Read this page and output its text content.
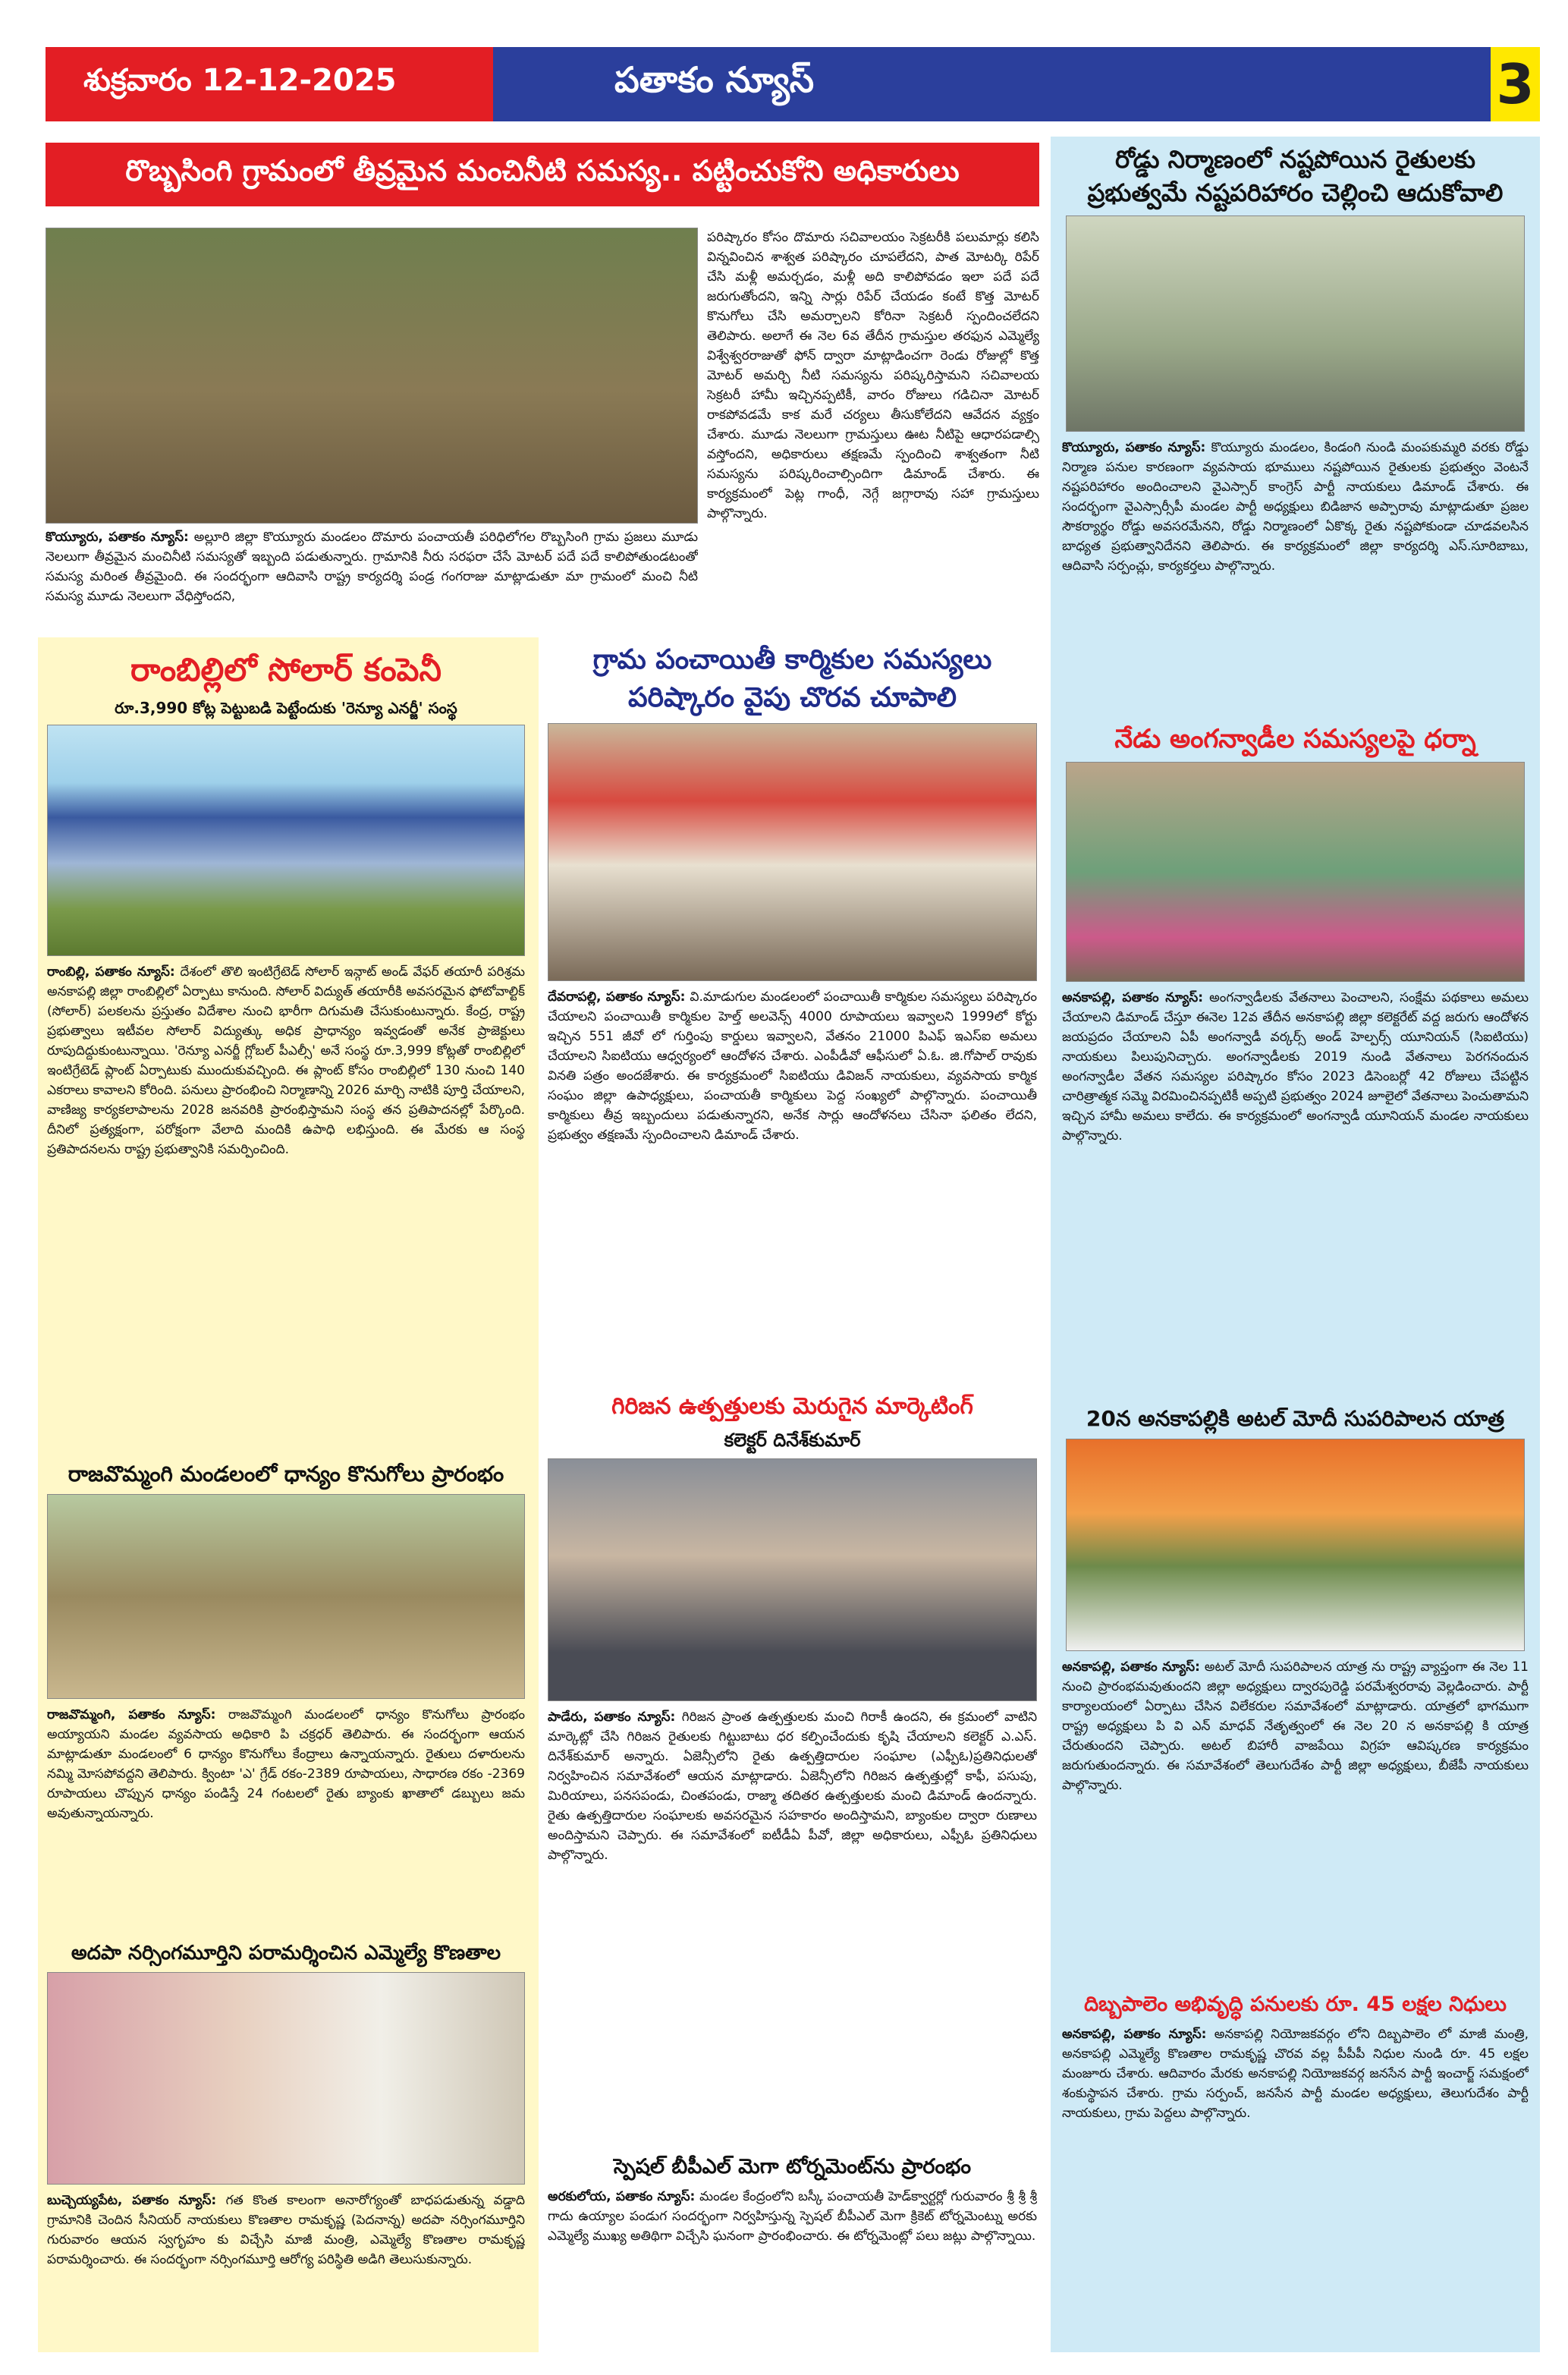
శుక్రవారం 12-12-2025	పతాకం న్యూస్	3
రొబ్బసింగి గ్రామంలో తీవ్రమైన మంచినీటి సమస్య.. పట్టించుకోని అధికారులు
కొయ్యూరు, పతాకం న్యూస్: అల్లూరి జిల్లా కొయ్యూరు మండలం దొమారు పంచాయతీ పరిధిలోగల రొబ్బసింగి గ్రామ ప్రజలు మూడు నెలలుగా తీవ్రమైన మంచినీటి సమస్యతో ఇబ్బంది పడుతున్నారు. గ్రామానికి నీరు సరఫరా చేసే మోటర్ పదే పదే కాలిపోతుండటంతో సమస్య మరింత తీవ్రమైంది. ఈ సందర్భంగా ఆదివాసి రాష్ట్ర కార్యదర్శి పండ్ర గంగరాజు మాట్లాడుతూ మా గ్రామంలో మంచి నీటి సమస్య మూడు నెలలుగా వేధిస్తోందని,
పరిష్కారం కోసం దొమారు సచివాలయం సెక్రటరీకి పలుమార్లు కలిసి విన్నవించిన శాశ్వత పరిష్కారం చూపలేదని, పాత మోటర్కి రిపేర్ చేసి మళ్లీ అమర్చడం, మళ్లీ అది కాలిపోవడం ఇలా పదే పదే జరుగుతోందని, ఇన్ని సార్లు రిపేర్ చేయడం కంటే కొత్త మోటర్ కొనుగోలు చేసి అమర్చాలని కోరినా సెక్రటరీ స్పందించలేదని తెలిపారు. అలాగే ఈ నెల 6వ తేదీన గ్రామస్తుల తరఫున ఎమ్మెల్యే విశ్వేశ్వరరాజుతో ఫోన్ ద్వారా మాట్లాడించగా రెండు రోజుల్లో కొత్త మోటర్ అమర్చి నీటి సమస్యను పరిష్కరిస్తామని సచివాలయ సెక్రటరీ హామీ ఇచ్చినప్పటికీ, వారం రోజులు గడిచినా మోటర్ రాకపోవడమే కాక మరే చర్యలు తీసుకోలేదని ఆవేదన వ్యక్తం చేశారు. మూడు నెలలుగా గ్రామస్తులు ఊట నీటిపై ఆధారపడాల్సి వస్తోందని, అధికారులు తక్షణమే స్పందించి శాశ్వతంగా నీటి సమస్యను పరిష్కరించాల్సిందిగా డిమాండ్ చేశారు. ఈ కార్యక్రమంలో పెట్ల గాంధీ, నెగ్గే జగ్గారావు సహా గ్రామస్తులు పాల్గొన్నారు.
రోడ్డు నిర్మాణంలో నష్టపోయిన రైతులకు ప్రభుత్వమే నష్టపరిహారం చెల్లించి ఆదుకోవాలి
కొయ్యూరు, పతాకం న్యూస్: కొయ్యూరు మండలం, కిండంగి నుండి మంపకుమ్మరి వరకు రోడ్డు నిర్మాణ పనుల కారణంగా వ్యవసాయ భూములు నష్టపోయిన రైతులకు ప్రభుత్వం వెంటనే నష్టపరిహారం అందించాలని వైఎస్సార్ కాంగ్రెస్ పార్టీ నాయకులు డిమాండ్ చేశారు. ఈ సందర్భంగా వైఎస్సార్సీపీ మండల పార్టీ అధ్యక్షులు బిడిజాన అప్పారావు మాట్లాడుతూ ప్రజల సౌకర్యార్థం రోడ్డు అవసరమేనని, రోడ్డు నిర్మాణంలో ఏకొక్క రైతు నష్టపోకుండా చూడవలసిన బాధ్యత ప్రభుత్వానిదేనని తెలిపారు. ఈ కార్యక్రమంలో జిల్లా కార్యదర్శి ఎస్.సూరిబాబు, ఆదివాసి సర్పంచ్లు, కార్యకర్తలు పాల్గొన్నారు.
నేడు అంగన్వాడీల సమస్యలపై ధర్నా
అనకాపల్లి, పతాకం న్యూస్: అంగన్వాడీలకు వేతనాలు పెంచాలని, సంక్షేమ పథకాలు అమలు చేయాలని డిమాండ్ చేస్తూ ఈనెల 12వ తేదీన అనకాపల్లి జిల్లా కలెక్టరేట్ వద్ద జరుగు ఆందోళన జయప్రదం చేయాలని ఏపీ అంగన్వాడీ వర్కర్స్ అండ్ హెల్పర్స్ యూనియన్ (సిఐటియు) నాయకులు పిలుపునిచ్చారు. అంగన్వాడీలకు 2019 నుండి వేతనాలు పెరగనందున అంగన్వాడీల వేతన సమస్యల పరిష్కారం కోసం 2023 డిసెంబర్లో 42 రోజులు చేపట్టిన చారిత్రాత్మక సమ్మె విరమించినప్పటికీ అప్పటి ప్రభుత్వం 2024 జూలైలో వేతనాలు పెంచుతామని ఇచ్చిన హామీ అమలు కాలేదు. ఈ కార్యక్రమంలో అంగన్వాడీ యూనియన్ మండల నాయకులు పాల్గొన్నారు.
20న అనకాపల్లికి అటల్ మోదీ సుపరిపాలన యాత్ర
అనకాపల్లి, పతాకం న్యూస్: అటల్ మోదీ సుపరిపాలన యాత్ర ను రాష్ట్ర వ్యాప్తంగా ఈ నెల 11 నుంచి ప్రారంభమవుతుందని జిల్లా అధ్యక్షులు ద్వారపురెడ్డి పరమేశ్వరరావు వెల్లడించారు. పార్టీ కార్యాలయంలో ఏర్పాటు చేసిన విలేకరుల సమావేశంలో మాట్లాడారు. యాత్రలో భాగముగా రాష్ట్ర అధ్యక్షులు పి వి ఎన్ మాధవ్ నేతృత్వంలో ఈ నెల 20 న అనకాపల్లి కి యాత్ర చేరుతుందని చెప్పారు. అటల్ బిహారీ వాజపేయి విగ్రహ ఆవిష్కరణ కార్యక్రమం జరుగుతుందన్నారు. ఈ సమావేశంలో తెలుగుదేశం పార్టీ జిల్లా అధ్యక్షులు, బీజేపీ నాయకులు పాల్గొన్నారు.
దిబ్బపాలెం అభివృద్ధి పనులకు రూ. 45 లక్షల నిధులు
అనకాపల్లి, పతాకం న్యూస్: అనకాపల్లి నియోజకవర్గం లోని దిబ్బపాలెం లో మాజీ మంత్రి, అనకాపల్లి ఎమ్మెల్యే కొణతాల రామకృష్ణ చొరవ వల్ల పీపీపీ నిధుల నుండి రూ. 45 లక్షల మంజూరు చేశారు. ఆదివారం మేరకు అనకాపల్లి నియోజకవర్గ జనసేన పార్టీ ఇంచార్జ్ సమక్షంలో శంకుస్థాపన చేశారు. గ్రామ సర్పంచ్, జనసేన పార్టీ మండల అధ్యక్షులు, తెలుగుదేశం పార్టీ నాయకులు, గ్రామ పెద్దలు పాల్గొన్నారు.
రాంబిల్లిలో సోలార్ కంపెనీ
రూ.3,990 కోట్ల పెట్టుబడి పెట్టేందుకు 'రెన్యూ ఎనర్జీ' సంస్థ
రాంబిల్లి, పతాకం న్యూస్: దేశంలో తొలి ఇంటిగ్రేటెడ్ సోలార్ ఇన్గాట్ అండ్ వేఫర్ తయారీ పరిశ్రమ అనకాపల్లి జిల్లా రాంబిల్లిలో ఏర్పాటు కానుంది. సోలార్ విద్యుత్ తయారీకి అవసరమైన ఫోటోవాల్టిక్ (సోలార్) పలకలను ప్రస్తుతం విదేశాల నుంచి భారీగా దిగుమతి చేసుకుంటున్నారు. కేంద్ర, రాష్ట్ర ప్రభుత్వాలు ఇటీవల సోలార్ విద్యుత్కు అధిక ప్రాధాన్యం ఇవ్వడంతో అనేక ప్రాజెక్టులు రూపుదిద్దుకుంటున్నాయి. 'రెన్యూ ఎనర్జీ గ్లోబల్ పీఎల్సీ' అనే సంస్థ రూ.3,999 కోట్లతో రాంబిల్లిలో ఇంటిగ్రేటెడ్ ప్లాంట్ ఏర్పాటుకు ముందుకువచ్చింది. ఈ ప్లాంట్ కోసం రాంబిల్లిలో 130 నుంచి 140 ఎకరాలు కావాలని కోరింది. పనులు ప్రారంభించి నిర్మాణాన్ని 2026 మార్చి నాటికి పూర్తి చేయాలని, వాణిజ్య కార్యకలాపాలను 2028 జనవరికి ప్రారంభిస్తామని సంస్థ తన ప్రతిపాదనల్లో పేర్కొంది. దీనిలో ప్రత్యక్షంగా, పరోక్షంగా వేలాది మందికి ఉపాధి లభిస్తుంది. ఈ మేరకు ఆ సంస్థ ప్రతిపాదనలను రాష్ట్ర ప్రభుత్వానికి సమర్పించింది.
రాజవొమ్మంగి మండలంలో ధాన్యం కొనుగోలు ప్రారంభం
రాజవొమ్మంగి, పతాకం న్యూస్: రాజవొమ్మంగి మండలంలో ధాన్యం కొనుగోలు ప్రారంభం అయ్యాయని మండల వ్యవసాయ అధికారి పి చక్రధర్ తెలిపారు. ఈ సందర్భంగా ఆయన మాట్లాడుతూ మండలంలో 6 ధాన్యం కొనుగోలు కేంద్రాలు ఉన్నాయన్నారు. రైతులు దళారులను నమ్మి మోసపోవద్దని తెలిపారు. క్వింటా 'ఎ' గ్రేడ్ రకం-2389 రూపాయలు, సాధారణ రకం -2369 రూపాయలు చొప్పున ధాన్యం పండిస్తే 24 గంటలలో రైతు బ్యాంకు ఖాతాలో డబ్బులు జమ అవుతున్నాయన్నారు.
అదపా నర్సింగమూర్తిని పరామర్శించిన ఎమ్మెల్యే కొణతాల
బుచ్చెయ్యపేట, పతాకం న్యూస్: గత కొంత కాలంగా అనారోగ్యంతో బాధపడుతున్న వడ్డాది గ్రామానికి చెందిన సీనియర్ నాయకులు కొణతాల రామకృష్ణ (పెదనాన్న) అదపా నర్సింగమూర్తిని గురువారం ఆయన స్వగృహం కు విచ్చేసి మాజీ మంత్రి, ఎమ్మెల్యే కొణతాల రామకృష్ణ పరామర్శించారు. ఈ సందర్భంగా నర్సింగమూర్తి ఆరోగ్య పరిస్థితి అడిగి తెలుసుకున్నారు.
గ్రామ పంచాయితీ కార్మికుల సమస్యలు పరిష్కారం వైపు చొరవ చూపాలి
దేవరాపల్లి, పతాకం న్యూస్: వి.మాడుగుల మండలంలో పంచాయితీ కార్మికుల సమస్యలు పరిష్కారం చేయాలని పంచాయితీ కార్మికుల హెల్త్ అలవెన్స్ 4000 రూపాయలు ఇవ్వాలని 1999లో కోర్టు ఇచ్చిన 551 జీవో లో గుర్తింపు కార్డులు ఇవ్వాలని, వేతనం 21000 పిఎఫ్ ఇఎస్ఐ అమలు చేయాలని సిఐటియు ఆధ్వర్యంలో ఆందోళన చేశారు. ఎంపీడీవో ఆఫీసులో ఏ.ఓ. జి.గోపాల్ రావుకు వినతి పత్రం అందజేశారు. ఈ కార్యక్రమంలో సిఐటియు డివిజన్ నాయకులు, వ్యవసాయ కార్మిక సంఘం జిల్లా ఉపాధ్యక్షులు, పంచాయతీ కార్మికులు పెద్ద సంఖ్యలో పాల్గొన్నారు. పంచాయితీ కార్మికులు తీవ్ర ఇబ్బందులు పడుతున్నారని, అనేక సార్లు ఆందోళనలు చేసినా ఫలితం లేదని, ప్రభుత్వం తక్షణమే స్పందించాలని డిమాండ్ చేశారు.
గిరిజన ఉత్పత్తులకు మెరుగైన మార్కెటింగ్
కలెక్టర్ దినేశ్‌కుమార్
పాడేరు, పతాకం న్యూస్: గిరిజన ప్రాంత ఉత్పత్తులకు మంచి గిరాకీ ఉందని, ఈ క్రమంలో వాటిని మార్కెట్లో చేసి గిరిజన రైతులకు గిట్టుబాటు ధర కల్పించేందుకు కృషి చేయాలని కలెక్టర్ ఎ.ఎస్. దినేశ్‌కుమార్ అన్నారు. ఏజెన్సీలోని రైతు ఉత్పత్తిదారుల సంఘాల (ఎఫ్పీఓ)ప్రతినిధులతో నిర్వహించిన సమావేశంలో ఆయన మాట్లాడారు. ఏజెన్సీలోని గిరిజన ఉత్పత్తుల్లో కాఫీ, పసుపు, మిరియాలు, పనసపండు, చింతపండు, రాజ్మా తదితర ఉత్పత్తులకు మంచి డిమాండ్ ఉందన్నారు. రైతు ఉత్పత్తిదారుల సంఘాలకు అవసరమైన సహకారం అందిస్తామని, బ్యాంకుల ద్వారా రుణాలు అందిస్తామని చెప్పారు. ఈ సమావేశంలో ఐటీడీఏ పీవో, జిల్లా అధికారులు, ఎఫ్పీఓ ప్రతినిధులు పాల్గొన్నారు.
స్పెషల్ బీపీఎల్ మెగా టోర్నమెంట్‌ను ప్రారంభం
అరకులోయ, పతాకం న్యూస్: మండల కేంద్రంలోని బస్కీ పంచాయతీ హెడ్‌క్వార్టర్లో గురువారం శ్రీ శ్రీ శ్రీ గాదు ఉయ్యాల పండుగ సందర్భంగా నిర్వహిస్తున్న స్పెషల్ బీపీఎల్ మెగా క్రికెట్ టోర్నమెంట్ను అరకు ఎమ్మెల్యే ముఖ్య అతిథిగా విచ్చేసి ఘనంగా ప్రారంభించారు. ఈ టోర్నమెంట్లో పలు జట్లు పాల్గొన్నాయి.
